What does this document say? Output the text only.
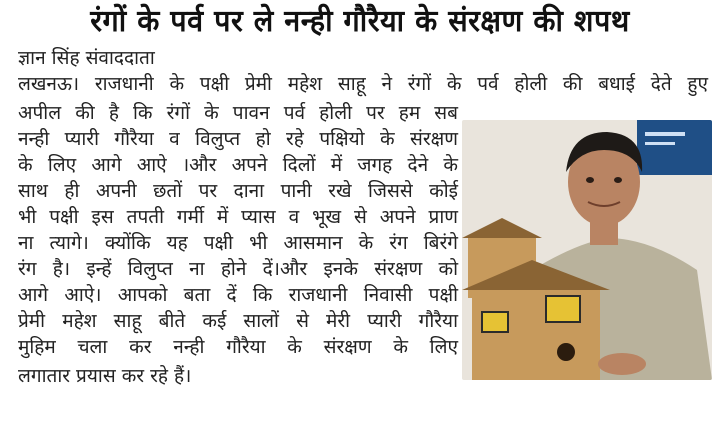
रंगों के पर्व पर ले नन्ही गौरैया के संरक्षण की शपथ
ज्ञान सिंह संवाददाता
लखनऊ। राजधानी के पक्षी प्रेमी महेश साहू ने रंगों के पर्व होली की बधाई देते हुए
अपील की है कि रंगों के पावन पर्व होली पर हम सब
नन्ही प्यारी गौरैया व विलुप्त हो रहे पक्षियो के संरक्षण
के लिए आगे आऐ ।और अपने दिलों में जगह देने के
साथ ही अपनी छतों पर दाना पानी रखे जिससे कोई
भी पक्षी इस तपती गर्मी में प्यास व भूख से अपने प्राण
ना त्यागे। क्योंकि यह पक्षी भी आसमान के रंग बिरंगे
रंग है। इन्हें विलुप्त ना होने दें।और इनके संरक्षण को
आगे आऐ। आपको बता दें कि राजधानी निवासी पक्षी
प्रेमी महेश साहू बीते कई सालों से मेरी प्यारी गौरैया
मुहिम चला कर नन्ही गौरैया के संरक्षण के लिए
लगातार प्रयास कर रहे हैं।
